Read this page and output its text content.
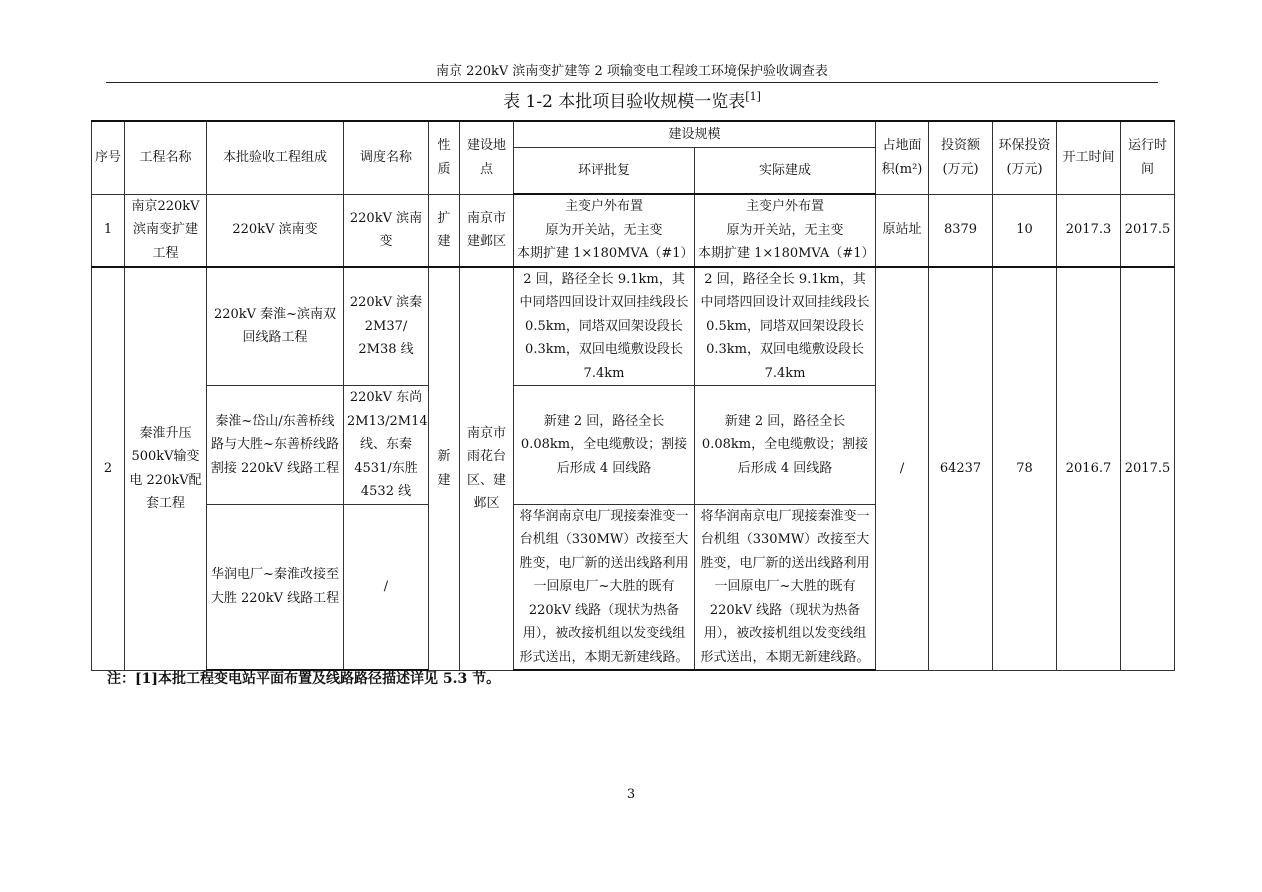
南京 220kV 滨南变扩建等 2 项输变电工程竣工环境保护验收调查表
表 1-2 本批项目验收规模一览表[1]
序号	工程名称	本批验收工程组成	调度名称	性质	建设地点	建设规模		占地面积(m²)	投资额(万元)	环保投资(万元)	开工时间	运行时间
						环评批复	实际建成					
1	南京220kV滨南变扩建工程	220kV 滨南变	220kV 滨南变	扩建	南京市建邺区	主变户外布置
原为开关站，无主变
本期扩建 1×180MVA（#1）	主变户外布置
原为开关站，无主变
本期扩建 1×180MVA（#1）	原站址	8379	10	2017.3	2017.5
2	秦淮升压500kV输变电 220kV配套工程	220kV 秦淮~滨南双回线路工程	220kV 滨秦 2M37/ 2M38 线	新建	南京市雨花台区、建邺区	2 回，路径全长 9.1km，其中同塔四回设计双回挂线段长 0.5km，同塔双回架设段长 0.3km，双回电缆敷设段长 7.4km	2 回，路径全长 9.1km，其中同塔四回设计双回挂线段长 0.5km，同塔双回架设段长 0.3km，双回电缆敷设段长 7.4km	/	64237	78	2016.7	2017.5
		秦淮~岱山/东善桥线路与大胜~东善桥线路割接 220kV 线路工程	220kV 东尚 2M13/2M14 线、东秦 4531/东胜 4532 线			新建 2 回，路径全长 0.08km，全电缆敷设；割接后形成 4 回线路	新建 2 回，路径全长 0.08km，全电缆敷设；割接后形成 4 回线路					
		华润电厂~秦淮改接至大胜 220kV 线路工程	/			将华润南京电厂现接秦淮变一台机组（330MW）改接至大胜变，电厂新的送出线路利用一回原电厂~大胜的既有 220kV 线路（现状为热备用），被改接机组以发变线组形式送出，本期无新建线路。	将华润南京电厂现接秦淮变一台机组（330MW）改接至大胜变，电厂新的送出线路利用一回原电厂~大胜的既有 220kV 线路（现状为热备用），被改接机组以发变线组形式送出，本期无新建线路。					
注：[1]本批工程变电站平面布置及线路路径描述详见 5.3 节。
3
